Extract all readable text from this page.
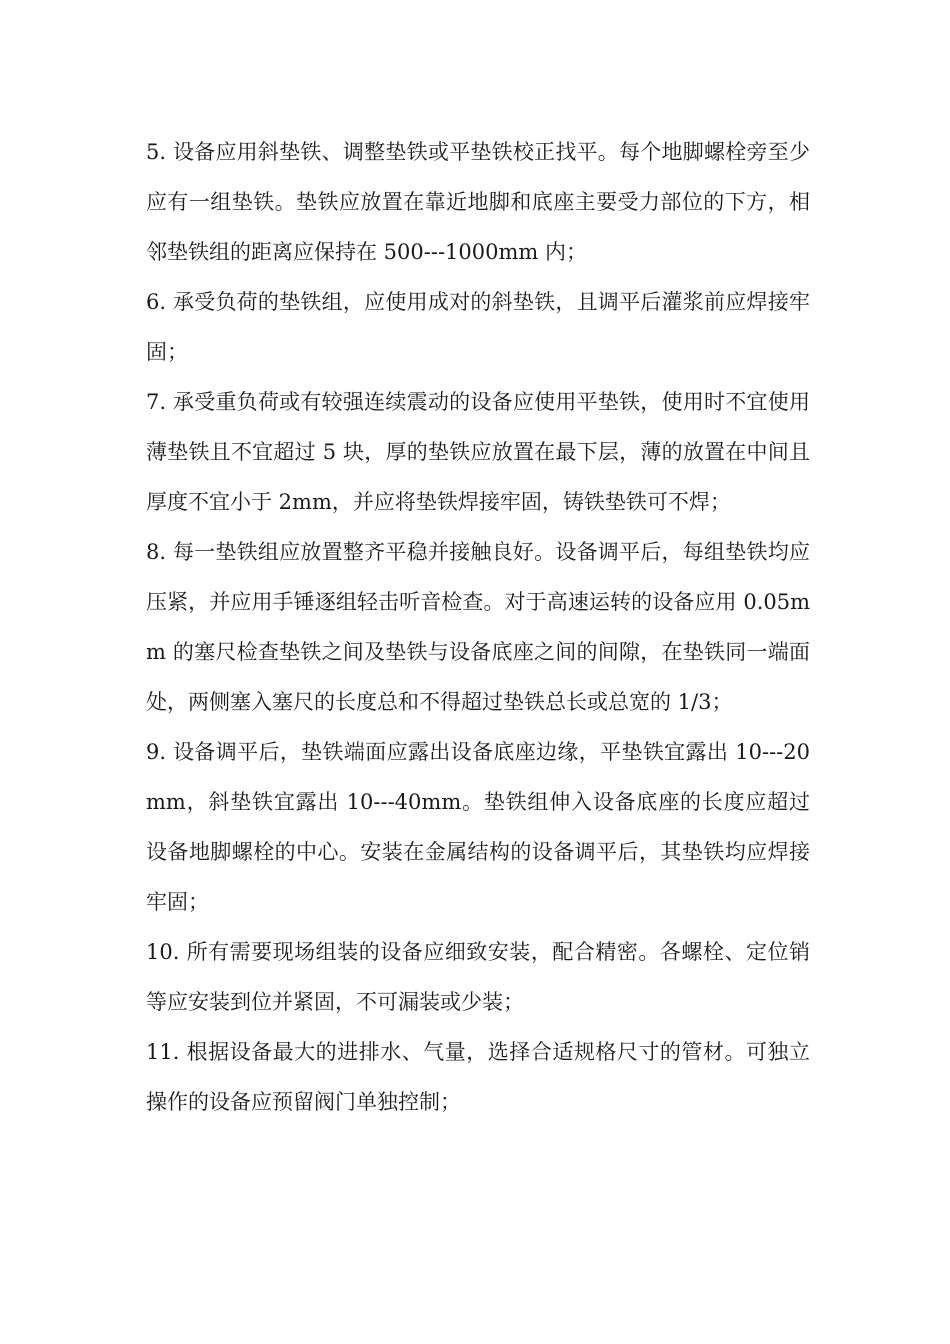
5. 设备应用斜垫铁、调整垫铁或平垫铁校正找平。每个地脚螺栓旁至少应有一组垫铁。垫铁应放置在靠近地脚和底座主要受力部位的下方，相邻垫铁组的距离应保持在 500---1000mm 内；

6. 承受负荷的垫铁组，应使用成对的斜垫铁，且调平后灌浆前应焊接牢固；

7. 承受重负荷或有较强连续震动的设备应使用平垫铁，使用时不宜使用薄垫铁且不宜超过 5 块，厚的垫铁应放置在最下层，薄的放置在中间且厚度不宜小于 2mm，并应将垫铁焊接牢固，铸铁垫铁可不焊；

8. 每一垫铁组应放置整齐平稳并接触良好。设备调平后，每组垫铁均应压紧，并应用手锤逐组轻击听音检查。对于高速运转的设备应用 0.05mm 的塞尺检查垫铁之间及垫铁与设备底座之间的间隙，在垫铁同一端面处，两侧塞入塞尺的长度总和不得超过垫铁总长或总宽的 1/3；

9. 设备调平后，垫铁端面应露出设备底座边缘，平垫铁宜露出 10---20mm，斜垫铁宜露出 10---40mm。垫铁组伸入设备底座的长度应超过设备地脚螺栓的中心。安装在金属结构的设备调平后，其垫铁均应焊接牢固；

10. 所有需要现场组装的设备应细致安装，配合精密。各螺栓、定位销等应安装到位并紧固，不可漏装或少装；

11. 根据设备最大的进排水、气量，选择合适规格尺寸的管材。可独立操作的设备应预留阀门单独控制；
